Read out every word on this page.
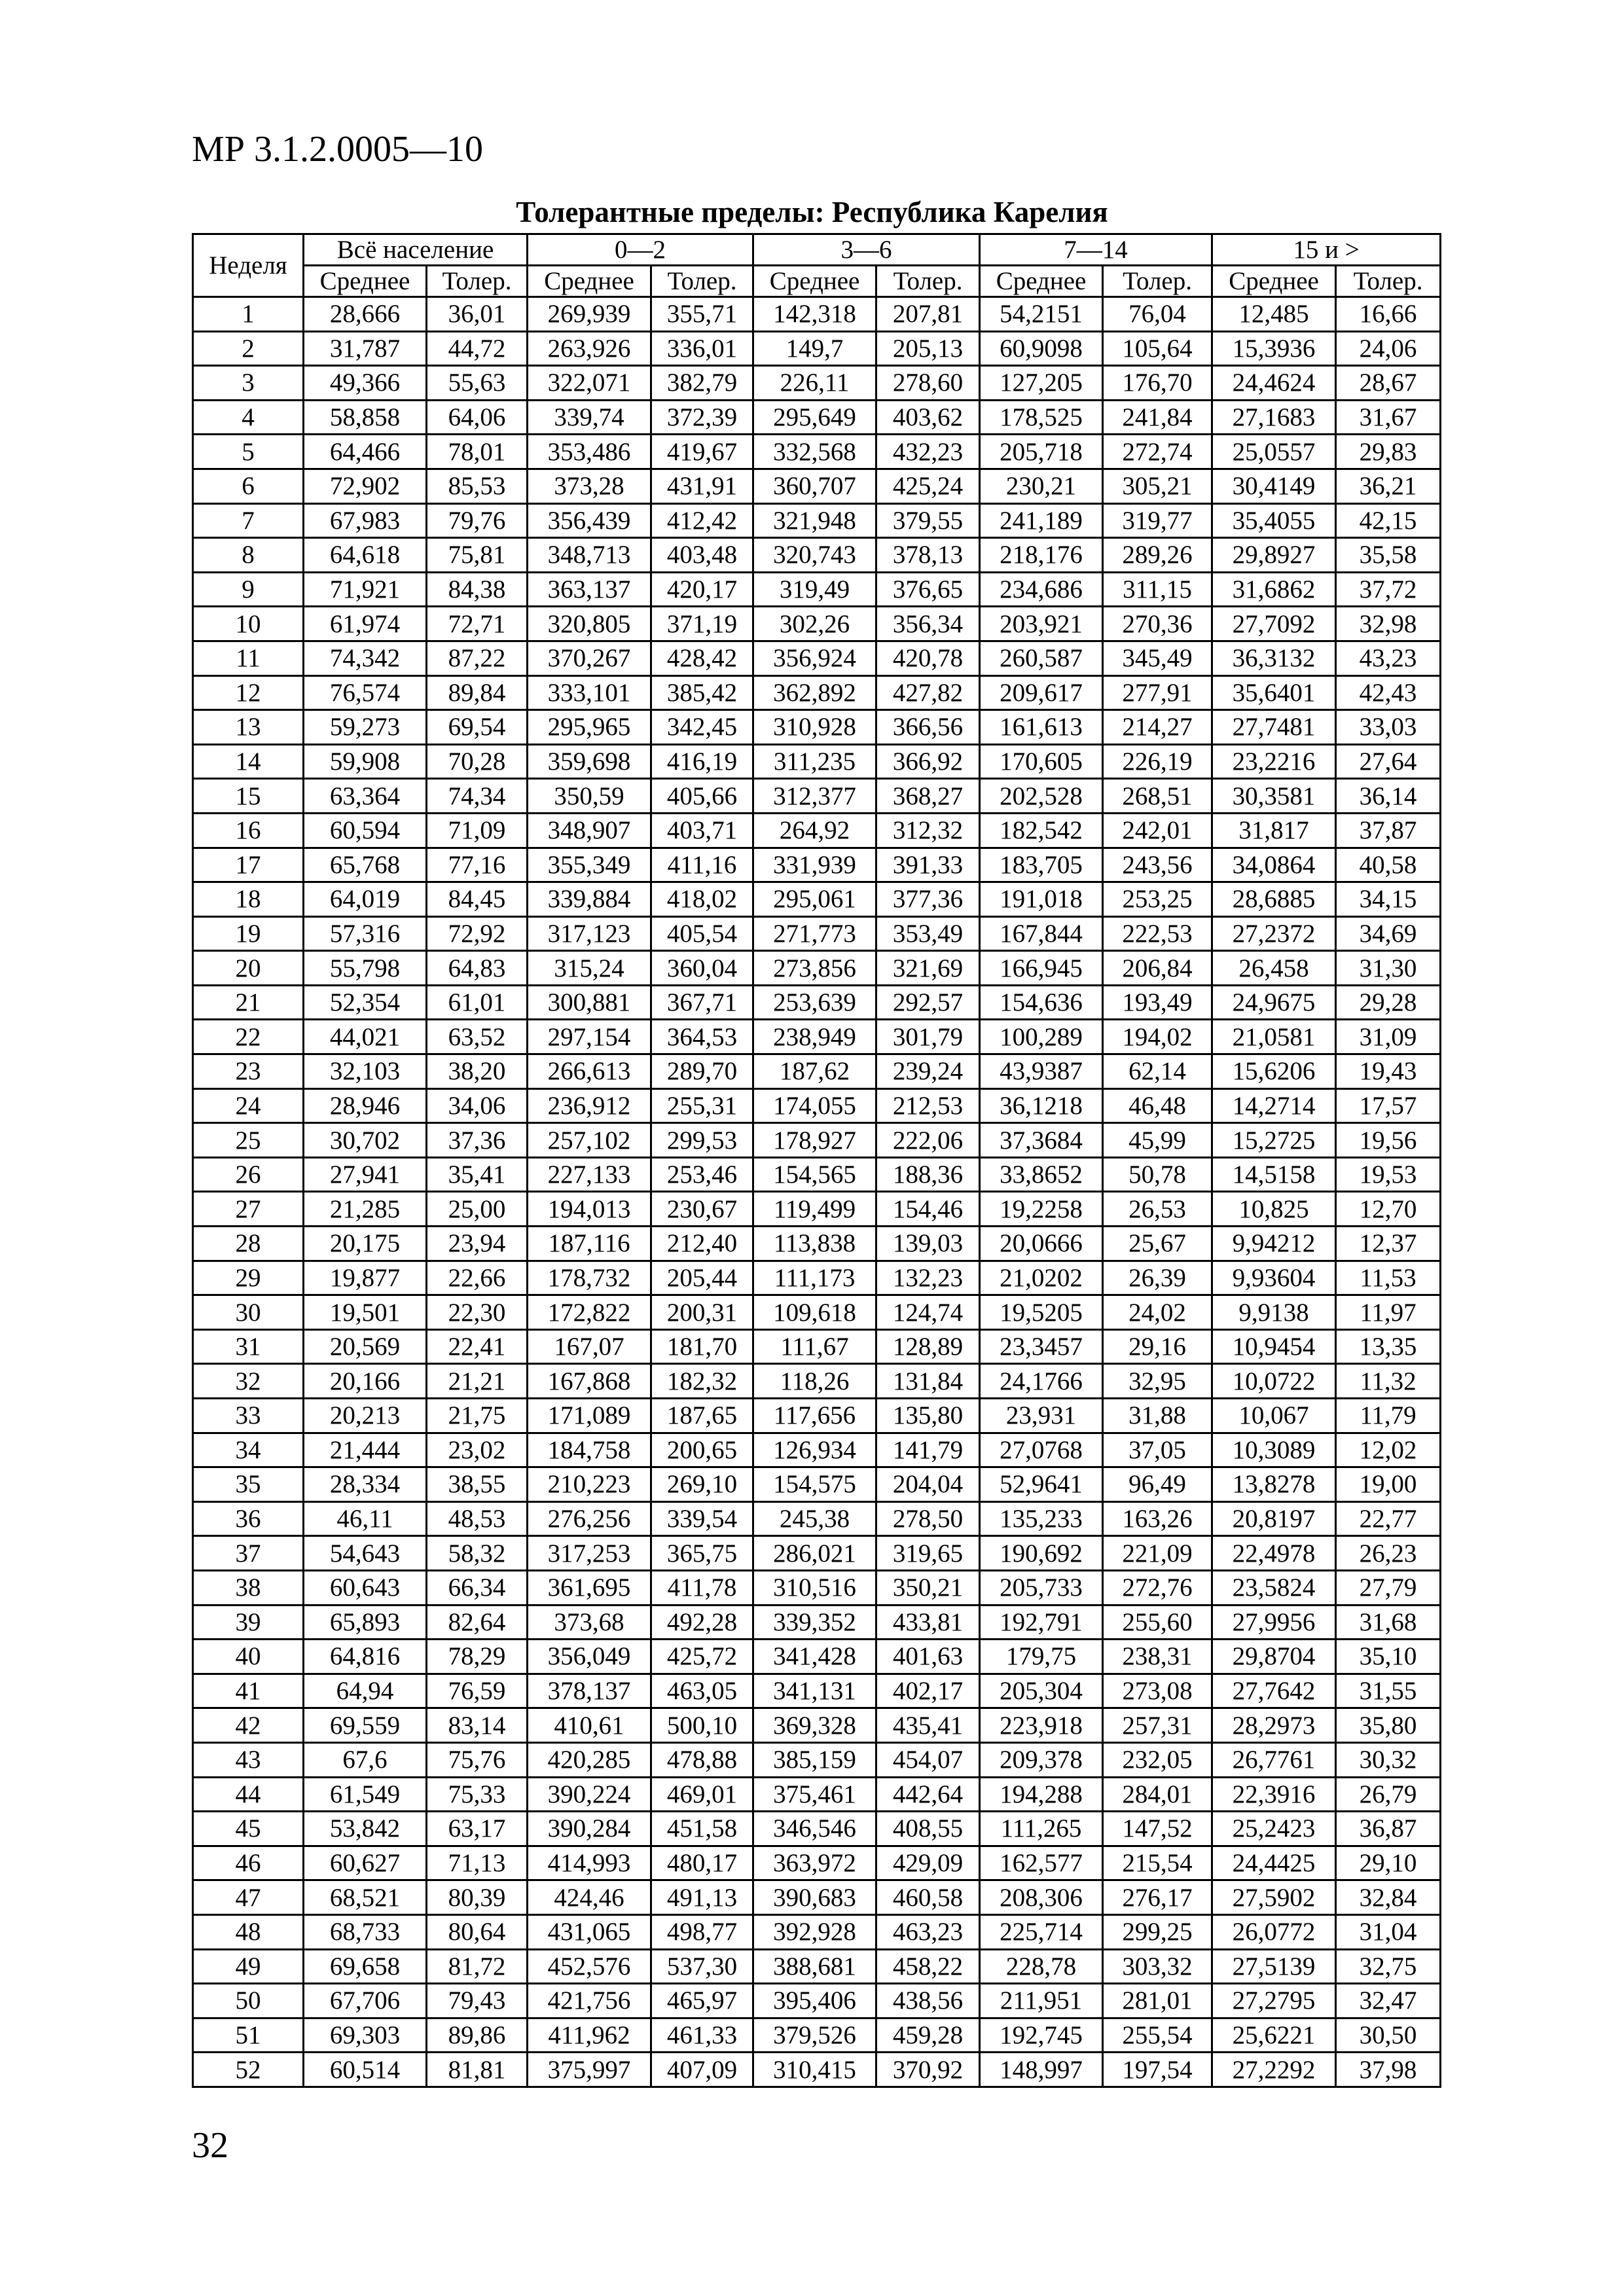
МР 3.1.2.0005—10
Толерантные пределы: Республика Карелия
Неделя	Всё население		0—2		3—6		7—14		15 и >	
	Среднее	Толер.	Среднее	Толер.	Среднее	Толер.	Среднее	Толер.	Среднее	Толер.
1	28,666	36,01	269,939	355,71	142,318	207,81	54,2151	76,04	12,485	16,66
2	31,787	44,72	263,926	336,01	149,7	205,13	60,9098	105,64	15,3936	24,06
3	49,366	55,63	322,071	382,79	226,11	278,60	127,205	176,70	24,4624	28,67
4	58,858	64,06	339,74	372,39	295,649	403,62	178,525	241,84	27,1683	31,67
5	64,466	78,01	353,486	419,67	332,568	432,23	205,718	272,74	25,0557	29,83
6	72,902	85,53	373,28	431,91	360,707	425,24	230,21	305,21	30,4149	36,21
7	67,983	79,76	356,439	412,42	321,948	379,55	241,189	319,77	35,4055	42,15
8	64,618	75,81	348,713	403,48	320,743	378,13	218,176	289,26	29,8927	35,58
9	71,921	84,38	363,137	420,17	319,49	376,65	234,686	311,15	31,6862	37,72
10	61,974	72,71	320,805	371,19	302,26	356,34	203,921	270,36	27,7092	32,98
11	74,342	87,22	370,267	428,42	356,924	420,78	260,587	345,49	36,3132	43,23
12	76,574	89,84	333,101	385,42	362,892	427,82	209,617	277,91	35,6401	42,43
13	59,273	69,54	295,965	342,45	310,928	366,56	161,613	214,27	27,7481	33,03
14	59,908	70,28	359,698	416,19	311,235	366,92	170,605	226,19	23,2216	27,64
15	63,364	74,34	350,59	405,66	312,377	368,27	202,528	268,51	30,3581	36,14
16	60,594	71,09	348,907	403,71	264,92	312,32	182,542	242,01	31,817	37,87
17	65,768	77,16	355,349	411,16	331,939	391,33	183,705	243,56	34,0864	40,58
18	64,019	84,45	339,884	418,02	295,061	377,36	191,018	253,25	28,6885	34,15
19	57,316	72,92	317,123	405,54	271,773	353,49	167,844	222,53	27,2372	34,69
20	55,798	64,83	315,24	360,04	273,856	321,69	166,945	206,84	26,458	31,30
21	52,354	61,01	300,881	367,71	253,639	292,57	154,636	193,49	24,9675	29,28
22	44,021	63,52	297,154	364,53	238,949	301,79	100,289	194,02	21,0581	31,09
23	32,103	38,20	266,613	289,70	187,62	239,24	43,9387	62,14	15,6206	19,43
24	28,946	34,06	236,912	255,31	174,055	212,53	36,1218	46,48	14,2714	17,57
25	30,702	37,36	257,102	299,53	178,927	222,06	37,3684	45,99	15,2725	19,56
26	27,941	35,41	227,133	253,46	154,565	188,36	33,8652	50,78	14,5158	19,53
27	21,285	25,00	194,013	230,67	119,499	154,46	19,2258	26,53	10,825	12,70
28	20,175	23,94	187,116	212,40	113,838	139,03	20,0666	25,67	9,94212	12,37
29	19,877	22,66	178,732	205,44	111,173	132,23	21,0202	26,39	9,93604	11,53
30	19,501	22,30	172,822	200,31	109,618	124,74	19,5205	24,02	9,9138	11,97
31	20,569	22,41	167,07	181,70	111,67	128,89	23,3457	29,16	10,9454	13,35
32	20,166	21,21	167,868	182,32	118,26	131,84	24,1766	32,95	10,0722	11,32
33	20,213	21,75	171,089	187,65	117,656	135,80	23,931	31,88	10,067	11,79
34	21,444	23,02	184,758	200,65	126,934	141,79	27,0768	37,05	10,3089	12,02
35	28,334	38,55	210,223	269,10	154,575	204,04	52,9641	96,49	13,8278	19,00
36	46,11	48,53	276,256	339,54	245,38	278,50	135,233	163,26	20,8197	22,77
37	54,643	58,32	317,253	365,75	286,021	319,65	190,692	221,09	22,4978	26,23
38	60,643	66,34	361,695	411,78	310,516	350,21	205,733	272,76	23,5824	27,79
39	65,893	82,64	373,68	492,28	339,352	433,81	192,791	255,60	27,9956	31,68
40	64,816	78,29	356,049	425,72	341,428	401,63	179,75	238,31	29,8704	35,10
41	64,94	76,59	378,137	463,05	341,131	402,17	205,304	273,08	27,7642	31,55
42	69,559	83,14	410,61	500,10	369,328	435,41	223,918	257,31	28,2973	35,80
43	67,6	75,76	420,285	478,88	385,159	454,07	209,378	232,05	26,7761	30,32
44	61,549	75,33	390,224	469,01	375,461	442,64	194,288	284,01	22,3916	26,79
45	53,842	63,17	390,284	451,58	346,546	408,55	111,265	147,52	25,2423	36,87
46	60,627	71,13	414,993	480,17	363,972	429,09	162,577	215,54	24,4425	29,10
47	68,521	80,39	424,46	491,13	390,683	460,58	208,306	276,17	27,5902	32,84
48	68,733	80,64	431,065	498,77	392,928	463,23	225,714	299,25	26,0772	31,04
49	69,658	81,72	452,576	537,30	388,681	458,22	228,78	303,32	27,5139	32,75
50	67,706	79,43	421,756	465,97	395,406	438,56	211,951	281,01	27,2795	32,47
51	69,303	89,86	411,962	461,33	379,526	459,28	192,745	255,54	25,6221	30,50
52	60,514	81,81	375,997	407,09	310,415	370,92	148,997	197,54	27,2292	37,98
32
